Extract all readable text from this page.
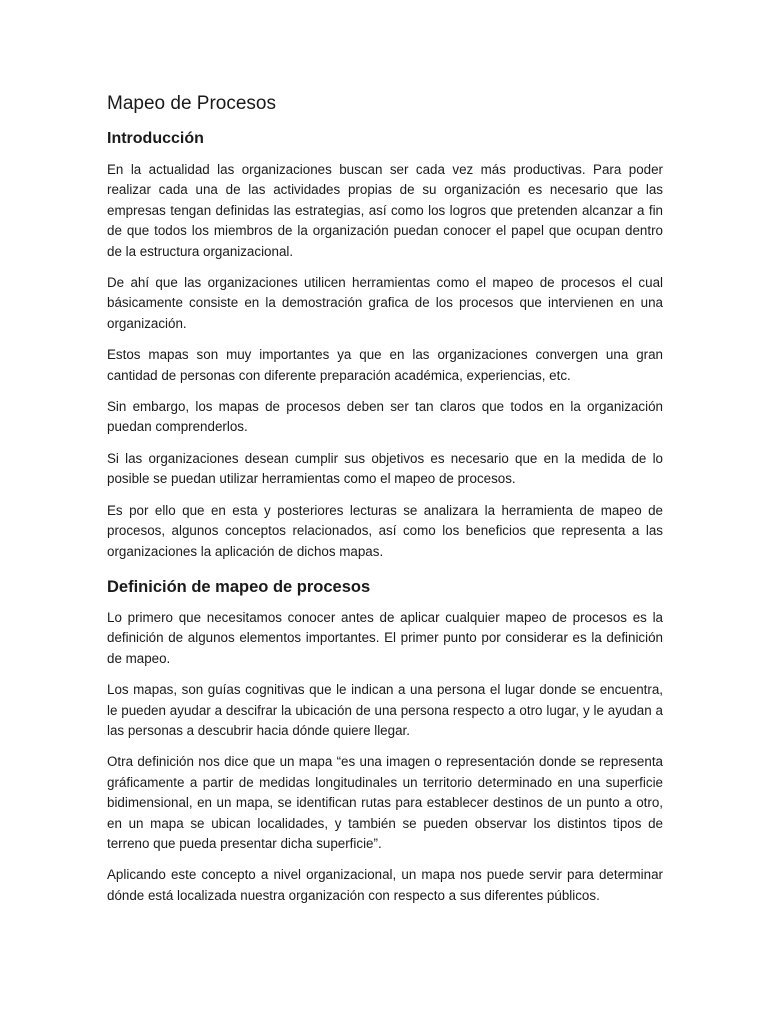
Mapeo de Procesos
Introducción

En la actualidad las organizaciones buscan ser cada vez más productivas. Para poder realizar cada una de las actividades propias de su organización es necesario que las empresas tengan definidas las estrategias, así como los logros que pretenden alcanzar a fin de que todos los miembros de la organización puedan conocer el papel que ocupan dentro de la estructura organizacional.

De ahí que las organizaciones utilicen herramientas como el mapeo de procesos el cual básicamente consiste en la demostración grafica de los procesos que intervienen en una organización.

Estos mapas son muy importantes ya que en las organizaciones convergen una gran cantidad de personas con diferente preparación académica, experiencias, etc.

Sin embargo, los mapas de procesos deben ser tan claros que todos en la organización puedan comprenderlos.

Si las organizaciones desean cumplir sus objetivos es necesario que en la medida de lo posible se puedan utilizar herramientas como el mapeo de procesos.

Es por ello que en esta y posteriores lecturas se analizara la herramienta de mapeo de procesos, algunos conceptos relacionados, así como los beneficios que representa a las organizaciones la aplicación de dichos mapas.

Definición de mapeo de procesos

Lo primero que necesitamos conocer antes de aplicar cualquier mapeo de procesos es la definición de algunos elementos importantes. El primer punto por considerar es la definición de mapeo.

Los mapas, son guías cognitivas que le indican a una persona el lugar donde se encuentra, le pueden ayudar a descifrar la ubicación de una persona respecto a otro lugar, y le ayudan a las personas a descubrir hacia dónde quiere llegar.

Otra definición nos dice que un mapa “es una imagen o representación donde se representa gráficamente a partir de medidas longitudinales un territorio determinado en una superficie bidimensional, en un mapa, se identifican rutas para establecer destinos de un punto a otro, en un mapa se ubican localidades, y también se pueden observar los distintos tipos de terreno que pueda presentar dicha superficie”.

Aplicando este concepto a nivel organizacional, un mapa nos puede servir para determinar dónde está localizada nuestra organización con respecto a sus diferentes públicos.
